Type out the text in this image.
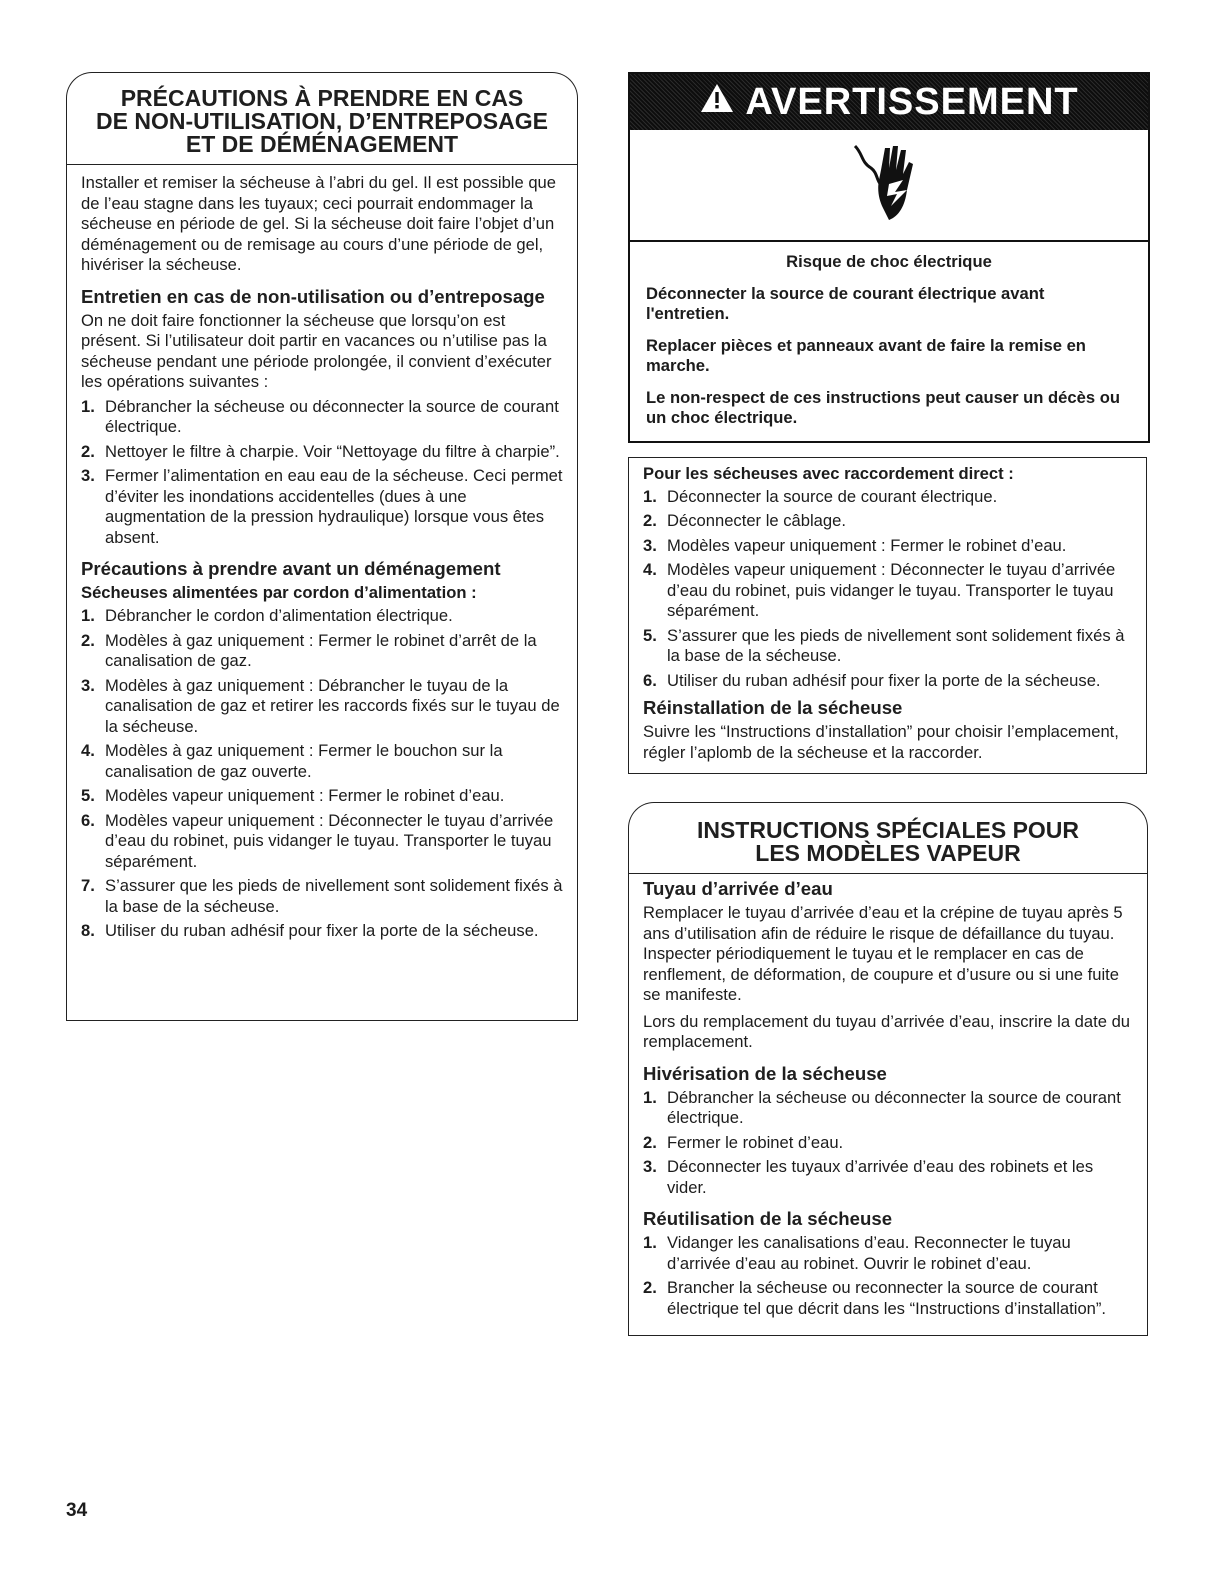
PRÉCAUTIONS À PRENDRE EN CAS
DE NON-UTILISATION, D’ENTREPOSAGE
ET DE DÉMÉNAGEMENT

Installer et remiser la sécheuse à l’abri du gel. Il est possible que de l’eau stagne dans les tuyaux; ceci pourrait endommager la sécheuse en période de gel. Si la sécheuse doit faire l’objet d’un déménagement ou de remisage au cours d’une période de gel, hivériser la sécheuse.

Entretien en cas de non-utilisation ou d’entreposage

On ne doit faire fonctionner la sécheuse que lorsqu’on est présent. Si l’utilisateur doit partir en vacances ou n’utilise pas la sécheuse pendant une période prolongée, il convient d’exécuter les opérations suivantes :

1. Débrancher la sécheuse ou déconnecter la source de courant électrique.
2. Nettoyer le filtre à charpie. Voir “Nettoyage du filtre à charpie”.
3. Fermer l’alimentation en eau eau de la sécheuse. Ceci permet d’éviter les inondations accidentelles (dues à une augmentation de la pression hydraulique) lorsque vous êtes absent.
Précautions à prendre avant un déménagement
Sécheuses alimentées par cordon d’alimentation :
1. Débrancher le cordon d’alimentation électrique.
2. Modèles à gaz uniquement : Fermer le robinet d’arrêt de la canalisation de gaz.
3. Modèles à gaz uniquement : Débrancher le tuyau de la canalisation de gaz et retirer les raccords fixés sur le tuyau de la sécheuse.
4. Modèles à gaz uniquement : Fermer le bouchon sur la canalisation de gaz ouverte.
5. Modèles vapeur uniquement : Fermer le robinet d’eau.
6. Modèles vapeur uniquement : Déconnecter le tuyau d’arrivée d’eau du robinet, puis vidanger le tuyau. Transporter le tuyau séparément.
7. S’assurer que les pieds de nivellement sont solidement fixés à la base de la sécheuse.
8. Utiliser du ruban adhésif pour fixer la porte de la sécheuse.
AVERTISSEMENT

Risque de choc électrique

Déconnecter la source de courant électrique avant l'entretien.

Replacer pièces et panneaux avant de faire la remise en marche.

Le non-respect de ces instructions peut causer un décès ou un choc électrique.

Pour les sécheuses avec raccordement direct :
1. Déconnecter la source de courant électrique.
2. Déconnecter le câblage.
3. Modèles vapeur uniquement : Fermer le robinet d’eau.
4. Modèles vapeur uniquement : Déconnecter le tuyau d’arrivée d’eau du robinet, puis vidanger le tuyau. Transporter le tuyau séparément.
5. S’assurer que les pieds de nivellement sont solidement fixés à la base de la sécheuse.
6. Utiliser du ruban adhésif pour fixer la porte de la sécheuse.
Réinstallation de la sécheuse

Suivre les “Instructions d’installation” pour choisir l’emplacement, régler l’aplomb de la sécheuse et la raccorder.

INSTRUCTIONS SPÉCIALES POUR
LES MODÈLES VAPEUR
Tuyau d’arrivée d’eau

Remplacer le tuyau d’arrivée d’eau et la crépine de tuyau après 5 ans d’utilisation afin de réduire le risque de défaillance du tuyau. Inspecter périodiquement le tuyau et le remplacer en cas de renflement, de déformation, de coupure et d’usure ou si une fuite se manifeste.

Lors du remplacement du tuyau d’arrivée d’eau, inscrire la date du remplacement.

Hivérisation de la sécheuse
1. Débrancher la sécheuse ou déconnecter la source de courant électrique.
2. Fermer le robinet d’eau.
3. Déconnecter les tuyaux d’arrivée d’eau des robinets et les vider.
Réutilisation de la sécheuse
1. Vidanger les canalisations d’eau. Reconnecter le tuyau d’arrivée d’eau au robinet. Ouvrir le robinet d’eau.
2. Brancher la sécheuse ou reconnecter la source de courant électrique tel que décrit dans les “Instructions d’installation”.
34
